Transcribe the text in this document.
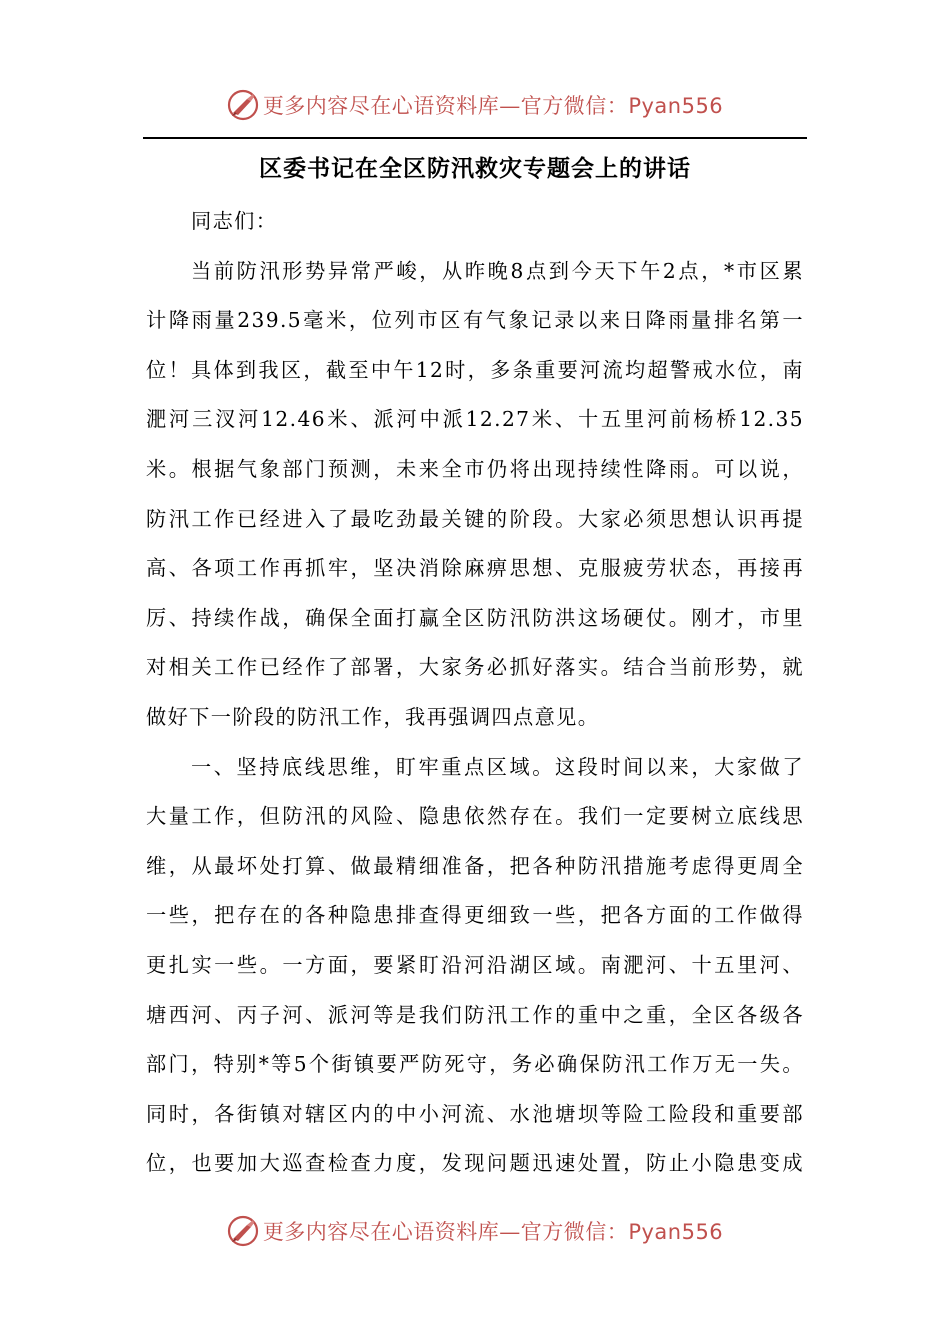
更多内容尽在心语资料库—官方微信：Pyan556
区委书记在全区防汛救灾专题会上的讲话
同志们：
当前防汛形势异常严峻，从昨晚8点到今天下午2点，*市区累
计降雨量239.5毫米，位列市区有气象记录以来日降雨量排名第一
位！具体到我区，截至中午12时，多条重要河流均超警戒水位，南
淝河三汊河12.46米、派河中派12.27米、十五里河前杨桥12.35
米。根据气象部门预测，未来全市仍将出现持续性降雨。可以说，
防汛工作已经进入了最吃劲最关键的阶段。大家必须思想认识再提
高、各项工作再抓牢，坚决消除麻痹思想、克服疲劳状态，再接再
厉、持续作战，确保全面打赢全区防汛防洪这场硬仗。刚才，市里
对相关工作已经作了部署，大家务必抓好落实。结合当前形势，就
做好下一阶段的防汛工作，我再强调四点意见。
一、坚持底线思维，盯牢重点区域。这段时间以来，大家做了
大量工作，但防汛的风险、隐患依然存在。我们一定要树立底线思
维，从最坏处打算、做最精细准备，把各种防汛措施考虑得更周全
一些，把存在的各种隐患排查得更细致一些，把各方面的工作做得
更扎实一些。一方面，要紧盯沿河沿湖区域。南淝河、十五里河、
塘西河、丙子河、派河等是我们防汛工作的重中之重，全区各级各
部门，特别*等5个街镇要严防死守，务必确保防汛工作万无一失。
同时，各街镇对辖区内的中小河流、水池塘坝等险工险段和重要部
位，也要加大巡查检查力度，发现问题迅速处置，防止小隐患变成
更多内容尽在心语资料库—官方微信：Pyan556
